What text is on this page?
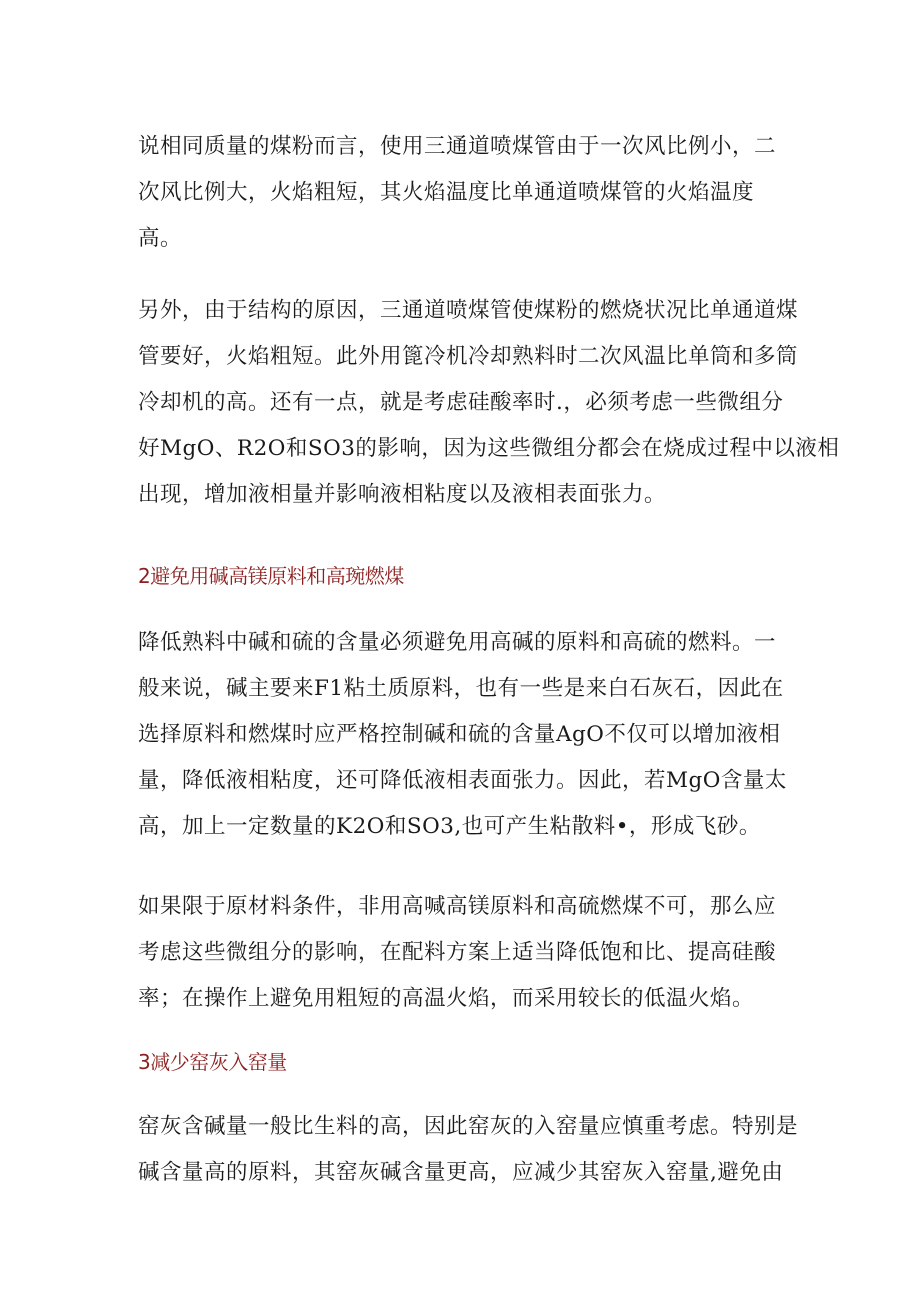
说相同质量的煤粉而言，使用三通道喷煤管由于一次风比例小，二
次风比例大，火焰粗短，其火焰温度比单通道喷煤管的火焰温度
高。

另外，由于结构的原因，三通道喷煤管使煤粉的燃烧状况比单通道煤
管要好，火焰粗短。此外用篦冷机冷却熟料时二次风温比单筒和多筒
冷却机的高。还有一点，就是考虑硅酸率时.，必须考虑一些微组分
好MgO、R2O和SO3的影响，因为这些微组分都会在烧成过程中以液相
出现，增加液相量并影响液相粘度以及液相表面张力。

2避免用碱高镁原料和高琬燃煤

降低熟料中碱和硫的含量必须避免用高碱的原料和高硫的燃料。一
般来说，碱主要来F1粘土质原料，也有一些是来白石灰石，因此在
选择原料和燃煤时应严格控制碱和硫的含量AgO不仅可以增加液相
量，降低液相粘度，还可降低液相表面张力。因此，若MgO含量太
高，加上一定数量的K2O和SO3,也可产生粘散料•，形成飞砂。

如果限于原材料条件，非用高喊高镁原料和高硫燃煤不可，那么应
考虑这些微组分的影响，在配料方案上适当降低饱和比、提高硅酸
率；在操作上避免用粗短的高温火焰，而采用较长的低温火焰。

3减少窑灰入窑量

窑灰含碱量一般比生料的高，因此窑灰的入窑量应慎重考虑。特别是
碱含量高的原料，其窑灰碱含量更高，应减少其窑灰入窑量,避免由
